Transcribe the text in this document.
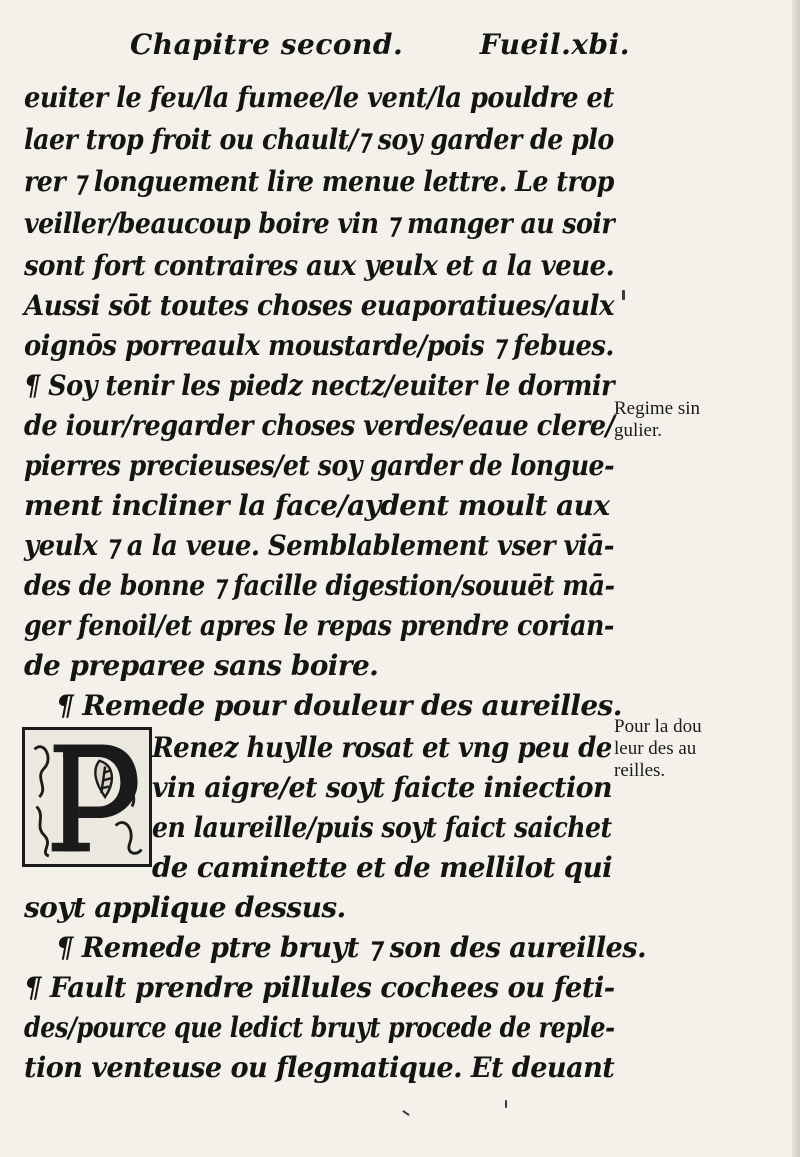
Chapitre second.	Fueil.xbi.
euiter le feu/la fumee/le vent/la pouldre et
laer trop froit ou chault/⁊ soy garder de plo
rer ⁊ longuement lire menue lettre. Le trop
veiller/beaucoup boire vin ⁊ manger au soir
sont fort contraires aux yeulx et a la veue.
Aussi sōt toutes choses euaporatiues/aulx
oignōs porreaulx moustarde/pois ⁊ febues.
¶ Soy tenir les piedz nectz/euiter le dormir
de iour/regarder choses verdes/eaue clere/
pierres precieuses/et soy garder de longue-
ment incliner la face/aydent moult aux
yeulx ⁊ a la veue. Semblablement vser viā-
des de bonne ⁊ facille digestion/souuēt mā-
ger fenoil/et apres le repas prendre corian-
de preparee sans boire.
¶ Remede pour douleur des aureilles.
Renez huylle rosat et vng peu de
vin aigre/et soyt faicte iniection
en laureille/puis soyt faict saichet
de caminette et de mellilot qui
soyt applique dessus.
¶ Remede ptre bruyt ⁊ son des aureilles.
¶ Fault prendre pillules cochees ou feti-
des/pource que ledict bruyt procede de reple-
tion venteuse ou flegmatique. Et deuant
Regime sin
gulier.
Pour la dou
leur des au
reilles.
